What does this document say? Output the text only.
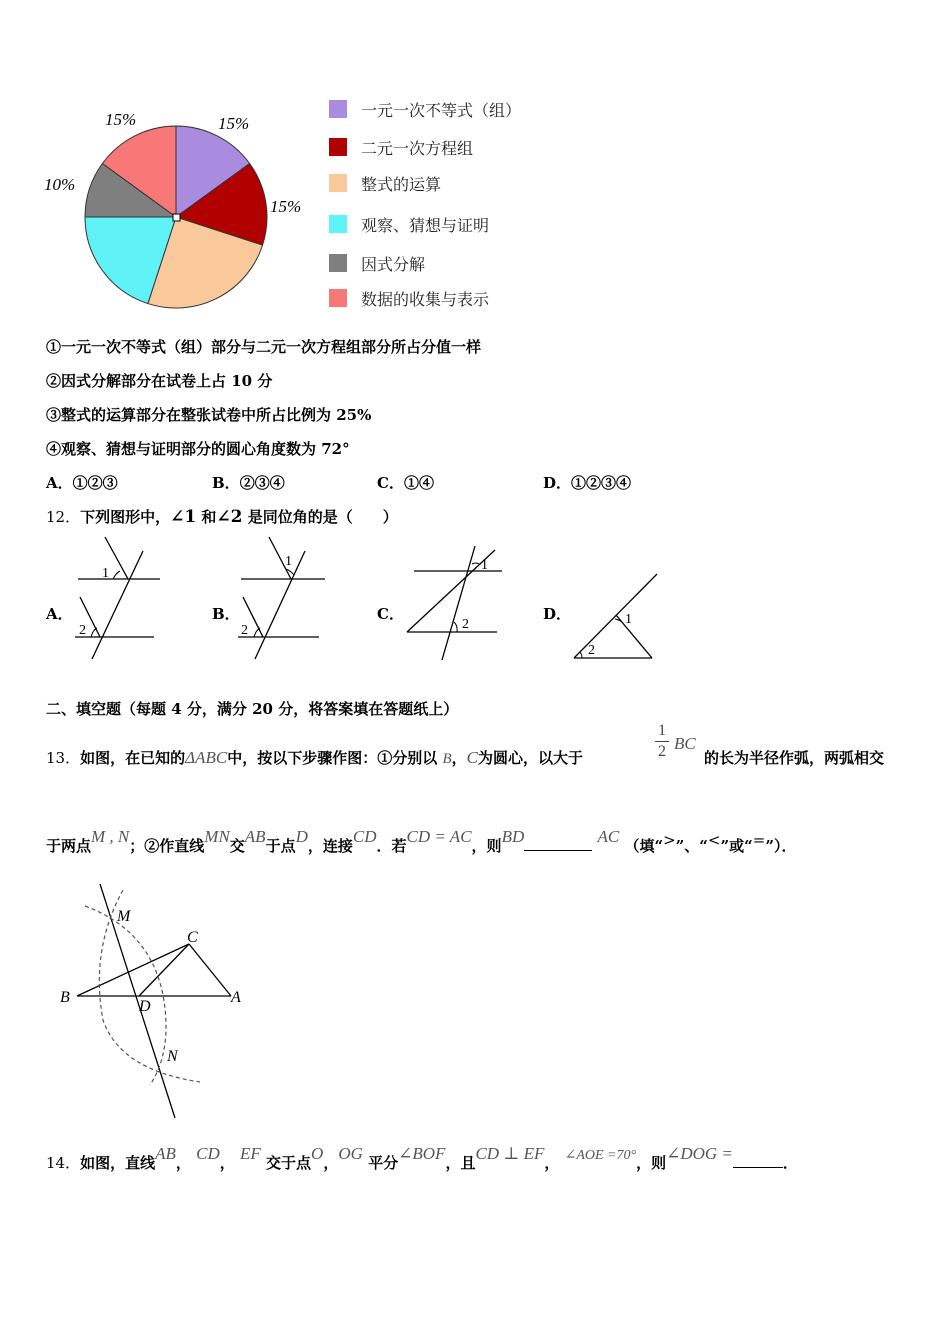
15%	15%
15%
10%
一元一次不等式（组）
二元一次方程组
整式的运算
观察、猜想与证明
因式分解
数据的收集与表示
①一元一次不等式（组）部分与二元一次方程组部分所占分值一样
②因式分解部分在试卷上占 10 分
③整式的运算部分在整张试卷中所占比例为 25%
④观察、猜想与证明部分的圆心角度数为 72°
A．①②③	B．②③④	C．①④	D．①②③④
12．下列图形中，∠1 和∠2 是同位角的是（　　）
A．	B．	C．	D．
1
2
1
2
1
2	1
2
二、填空题（每题 4 分，满分 20 分，将答案填在答题纸上）
13．如图，在已知的ΔABC中，按以下步骤作图：①分别以 B，C为圆心，以大于
1
2 BC
的长为半径作弧，两弧相交
于两点M , N；②作直线MN交AB于点D，连接CD．若CD = AC，则BD	AC （填“>”、“<”或“=”）．
M
C
B
D
A
N
14．如图，直线AB， CD， EF 交于点O，OG 平分∠BOF，且CD ⊥ EF， ∠AOE =70°，则∠DOG =	．
